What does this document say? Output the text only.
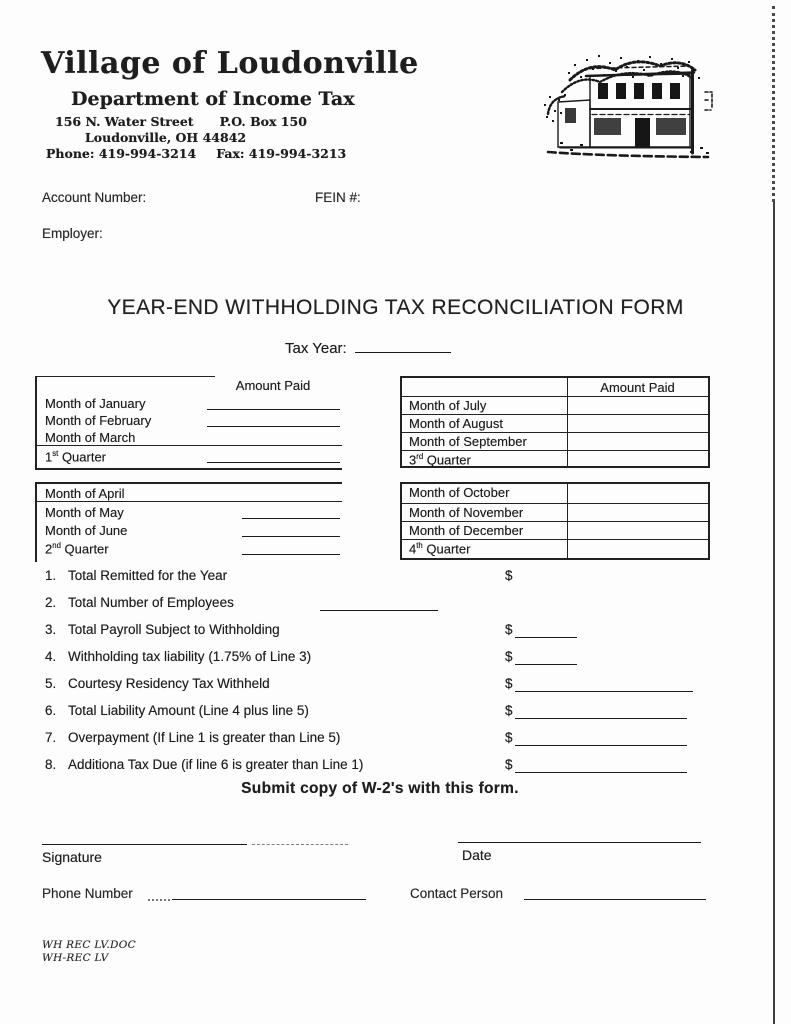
Village of Loudonville
Department of Income Tax
156 N. Water Street P.O. Box 150
Loudonville, OH 44842
Phone: 419-994-3214 Fax: 419-994-3213
Account Number:	FEIN #:
Employer:
YEAR-END WITHHOLDING TAX RECONCILIATION FORM
Tax Year:
Amount Paid
Month of January
Month of February
Month of March
1st Quarter
Month of April
Month of May
Month of June
2nd Quarter
Amount Paid
Month of July
Month of August
Month of September
3rd Quarter
Month of October
Month of November
Month of December
4th Quarter
1. Total Remitted for the Year	$
2. Total Number of Employees
3. Total Payroll Subject to Withholding	$
4. Withholding tax liability (1.75% of Line 3)	$
5. Courtesy Residency Tax Withheld	$
6. Total Liability Amount (Line 4 plus line 5)	$
7. Overpayment (If Line 1 is greater than Line 5)	$
8. Additiona Tax Due (if line 6 is greater than Line 1)	$
Submit copy of W-2's with this form.
Signature	Date
Phone Number	Contact Person
WH REC LV.DOC
WH-REC LV
